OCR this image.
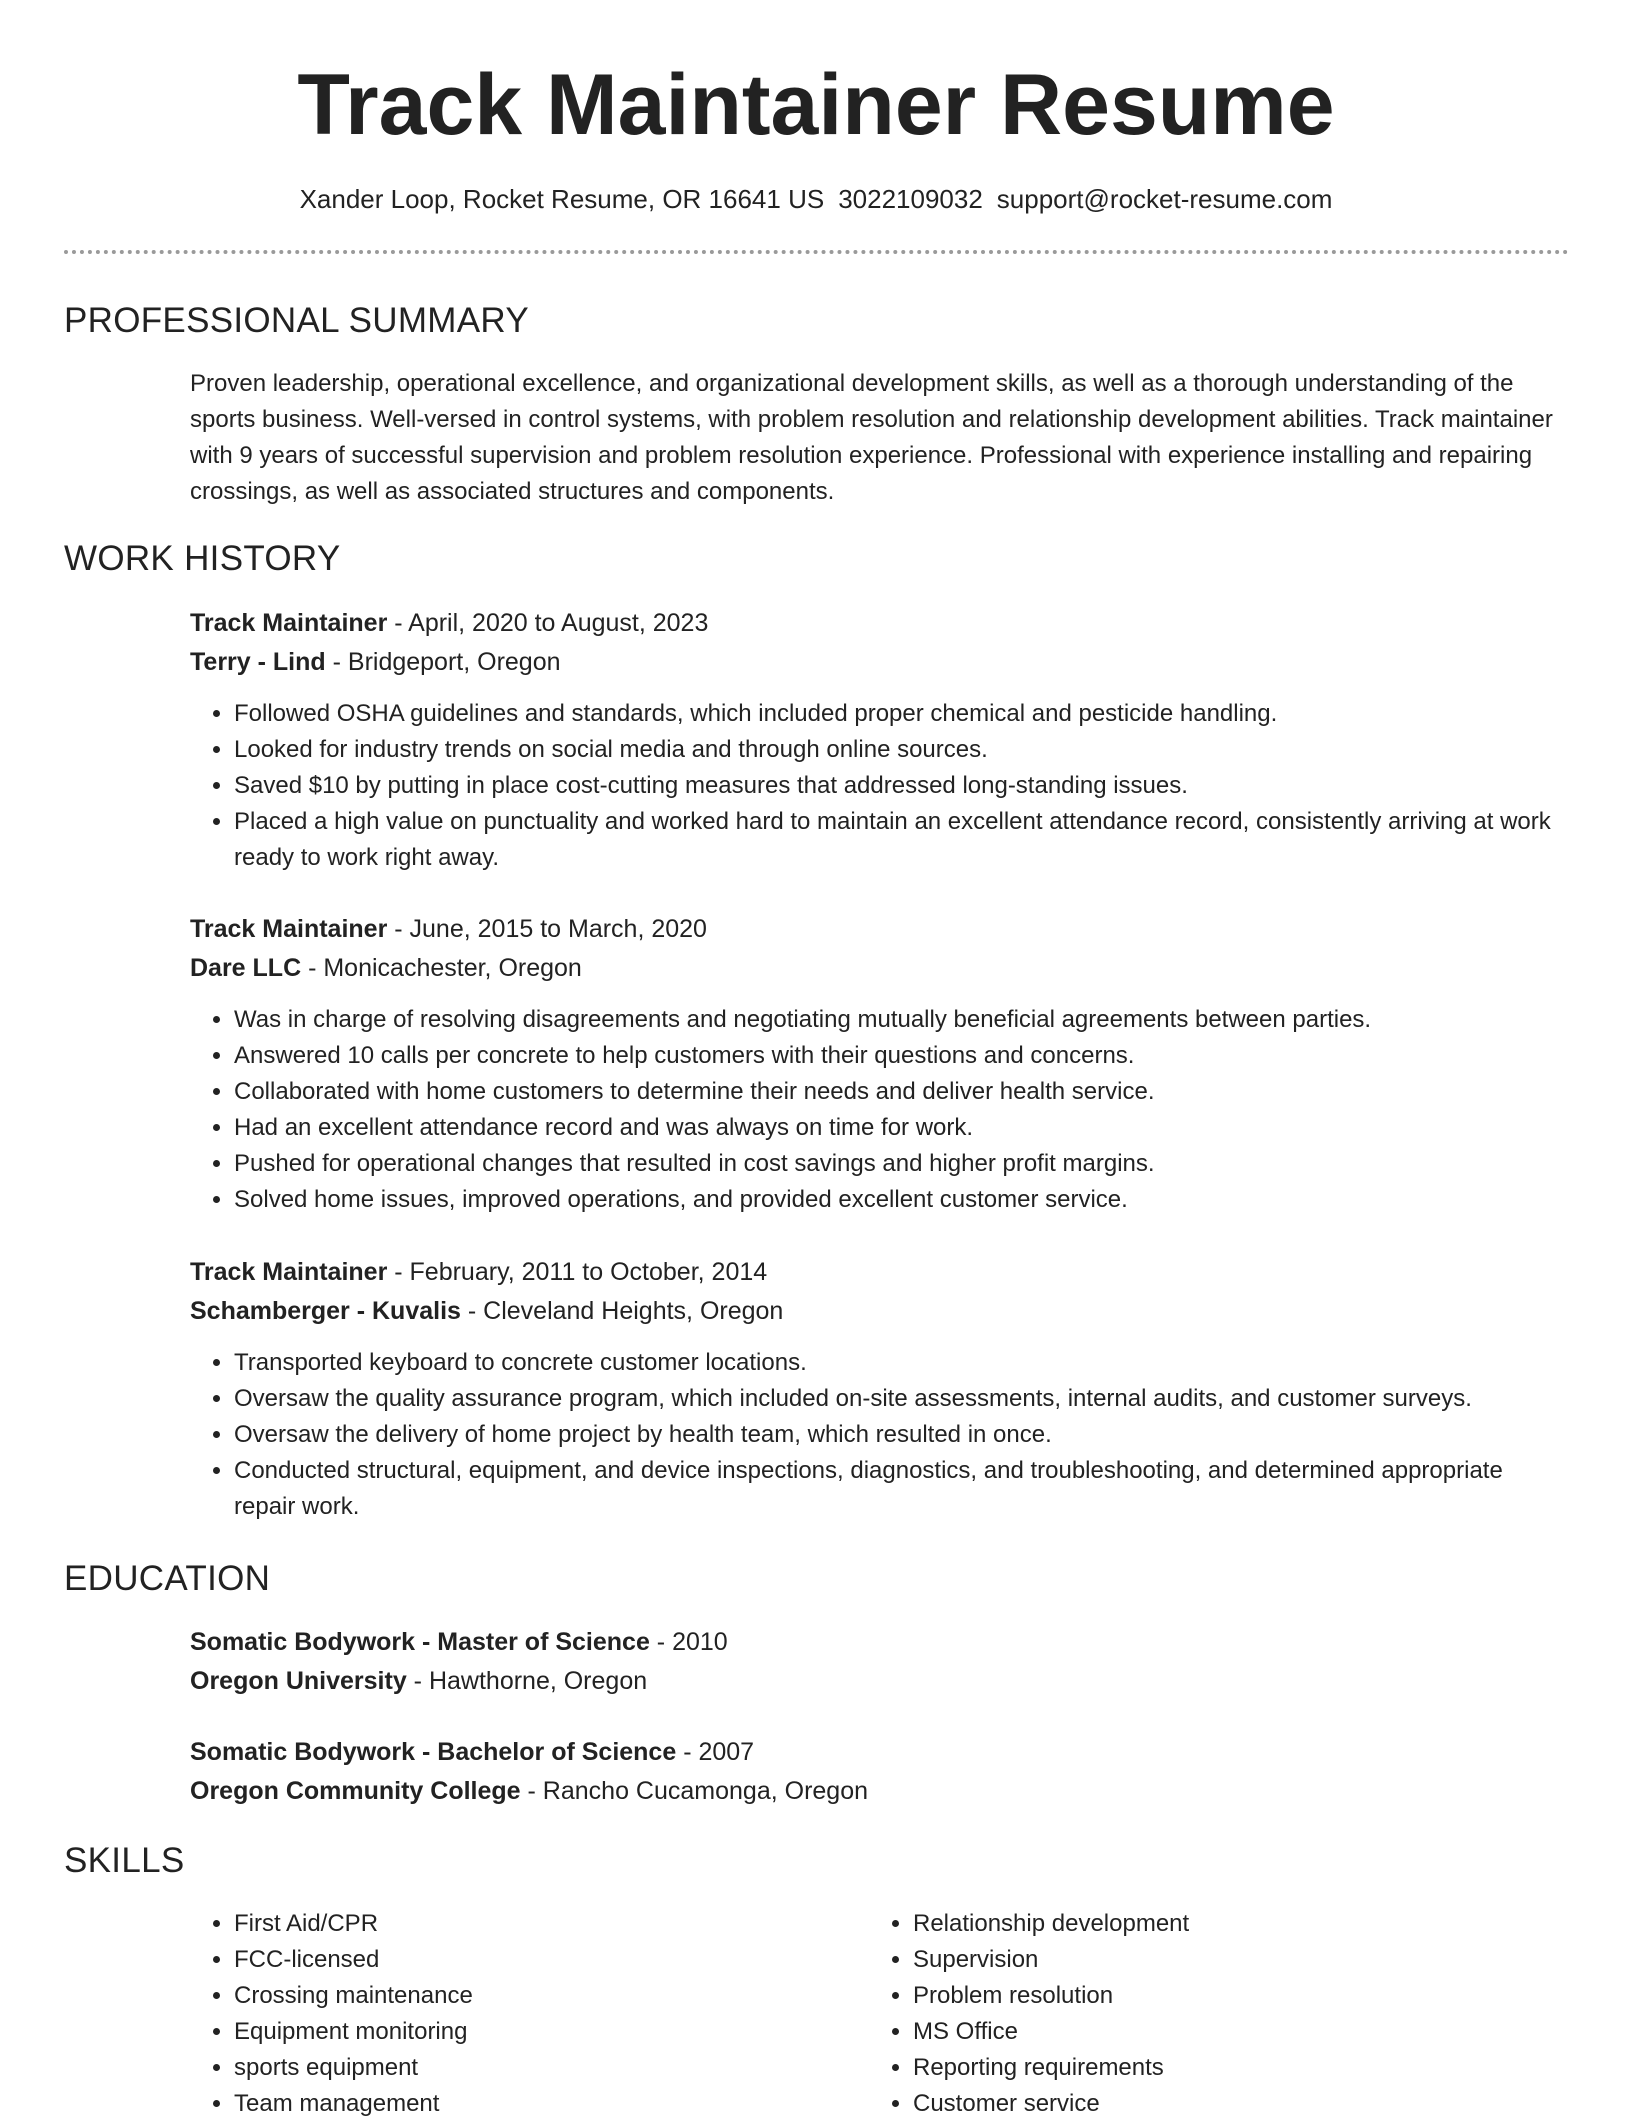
Track Maintainer Resume
Xander Loop, Rocket Resume, OR 16641 US 3022109032 support@rocket-resume.com
PROFESSIONAL SUMMARY
Proven leadership, operational excellence, and organizational development skills, as well as a thorough understanding of the sports business. Well-versed in control systems, with problem resolution and relationship development abilities. Track maintainer with 9 years of successful supervision and problem resolution experience. Professional with experience installing and repairing crossings, as well as associated structures and components.
WORK HISTORY
Track Maintainer - April, 2020 to August, 2023
Terry - Lind - Bridgeport, Oregon
• Followed OSHA guidelines and standards, which included proper chemical and pesticide handling.
• Looked for industry trends on social media and through online sources.
• Saved $10 by putting in place cost-cutting measures that addressed long-standing issues.
• Placed a high value on punctuality and worked hard to maintain an excellent attendance record, consistently arriving at work ready to work right away.
Track Maintainer - June, 2015 to March, 2020
Dare LLC - Monicachester, Oregon
• Was in charge of resolving disagreements and negotiating mutually beneficial agreements between parties.
• Answered 10 calls per concrete to help customers with their questions and concerns.
• Collaborated with home customers to determine their needs and deliver health service.
• Had an excellent attendance record and was always on time for work.
• Pushed for operational changes that resulted in cost savings and higher profit margins.
• Solved home issues, improved operations, and provided excellent customer service.
Track Maintainer - February, 2011 to October, 2014
Schamberger - Kuvalis - Cleveland Heights, Oregon
• Transported keyboard to concrete customer locations.
• Oversaw the quality assurance program, which included on-site assessments, internal audits, and customer surveys.
• Oversaw the delivery of home project by health team, which resulted in once.
• Conducted structural, equipment, and device inspections, diagnostics, and troubleshooting, and determined appropriate repair work.
EDUCATION
Somatic Bodywork - Master of Science - 2010
Oregon University - Hawthorne, Oregon
Somatic Bodywork - Bachelor of Science - 2007
Oregon Community College - Rancho Cucamonga, Oregon
SKILLS
• First Aid/CPR
• FCC-licensed
• Crossing maintenance
• Equipment monitoring
• sports equipment
• Team management
• Relationship development
• Supervision
• Problem resolution
• MS Office
• Reporting requirements
• Customer service
